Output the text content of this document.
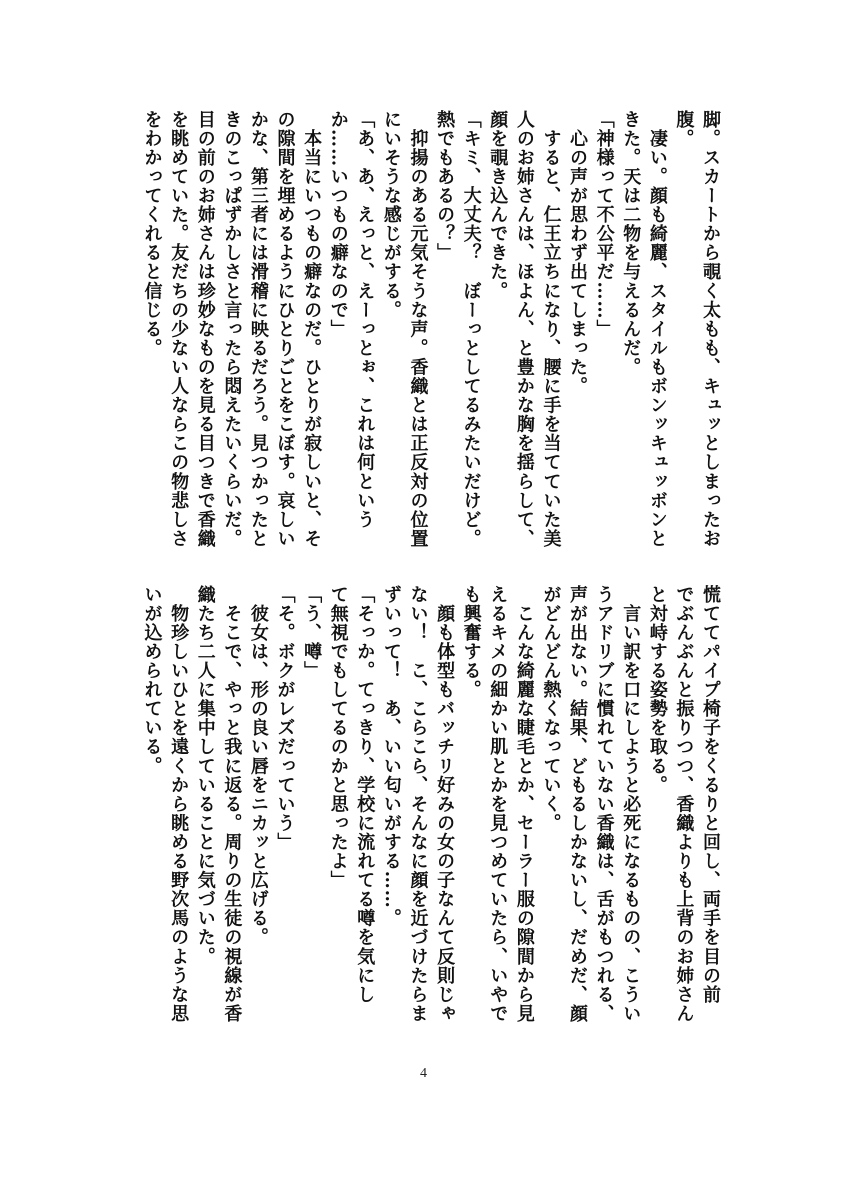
脚。スカートから覗く太もも、キュッとしまったお
腹。
　凄い。顔も綺麗、スタイルもボンッキュッボンと
きた。天は二物を与えるんだ。
「神様って不公平だ……」
　心の声が思わず出てしまった。
　すると、仁王立ちになり、腰に手を当てていた美
人のお姉さんは、ほよん、と豊かな胸を揺らして、
顔を覗き込んできた。
「キミ、大丈夫？　ぼーっとしてるみたいだけど。
熱でもあるの？」
　抑揚のある元気そうな声。香織とは正反対の位置
にいそうな感じがする。
「あ、あ、えっと、えーっとぉ、これは何という
か……いつもの癖なので」
　本当にいつもの癖なのだ。ひとりが寂しいと、そ
の隙間を埋めるようにひとりごとをこぼす。哀しい
かな、第三者には滑稽に映るだろう。見つかったと
きのこっぱずかしさと言ったら悶えたいくらいだ。
目の前のお姉さんは珍妙なものを見る目つきで香織
を眺めていた。友だちの少ない人ならこの物悲しさ
をわかってくれると信じる。
慌ててパイプ椅子をくるりと回し、両手を目の前
でぶんぶんと振りつつ、香織よりも上背のお姉さん
と対峙する姿勢を取る。
　言い訳を口にしようと必死になるものの、こうい
うアドリブに慣れていない香織は、舌がもつれる、
声が出ない。結果、どもるしかないし、だめだ、顔
がどんどん熱くなっていく。
　こんな綺麗な睫毛とか、セーラー服の隙間から見
えるキメの細かい肌とかを見つめていたら、いやで
も興奮する。
　顔も体型もバッチリ好みの女の子なんて反則じゃ
ない！　こ、こらこら、そんなに顔を近づけたらま
ずいって！　あ、いい匂いがする……。
「そっか。てっきり、学校に流れてる噂を気にし
て無視でもしてるのかと思ったよ」
「う、噂」
「そ。ボクがレズだっていう」
　彼女は、形の良い唇をニカッと広げる。
　そこで、やっと我に返る。周りの生徒の視線が香
織たち二人に集中していることに気づいた。
　物珍しいひとを遠くから眺める野次馬のような思
いが込められている。
4
